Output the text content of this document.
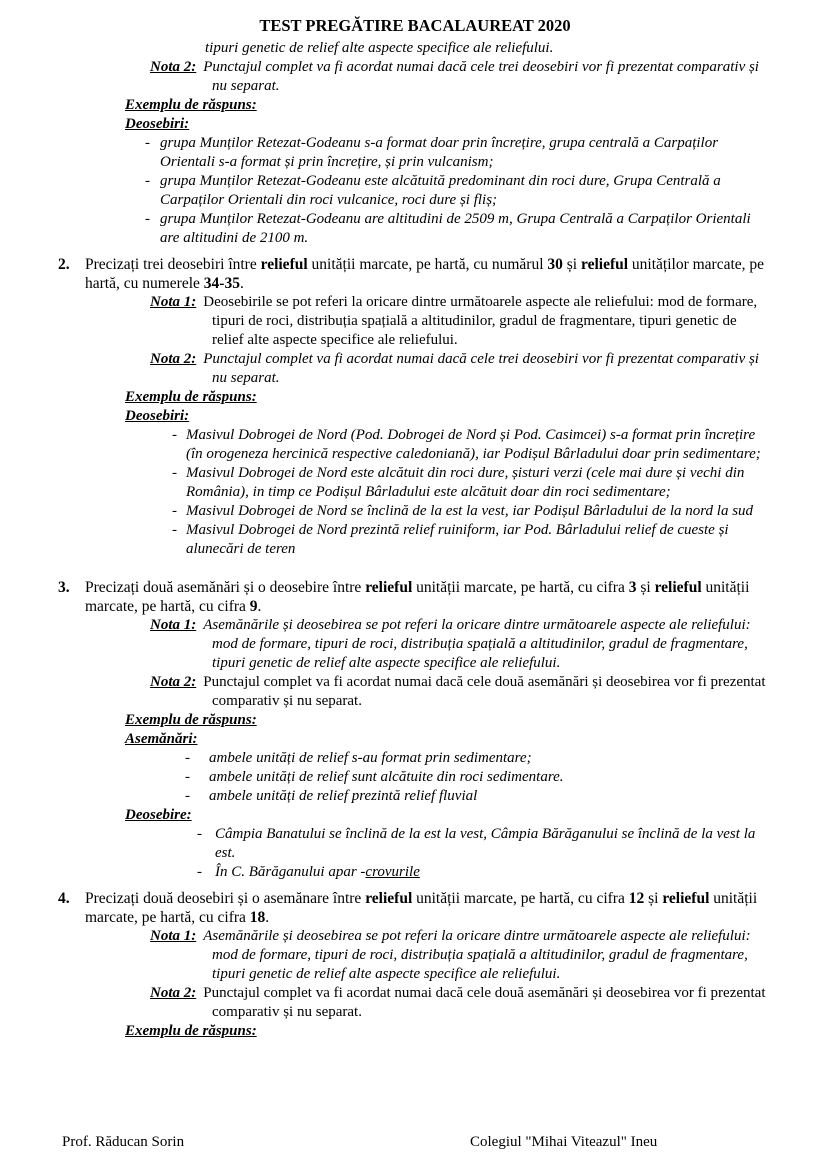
TEST PREGĂTIRE BACALAUREAT 2020
tipuri genetic de relief alte aspecte specifice ale reliefului.
Nota 2: Punctajul complet va fi acordat numai dacă cele trei deosebiri vor fi prezentat comparativ și nu separat.
Exemplu de răspuns:
Deosebiri:
- grupa Munților Retezat-Godeanu s-a format doar prin încrețire, grupa centrală a Carpaților Orientali s-a format și prin încrețire, și prin vulcanism;
- grupa Munților Retezat-Godeanu este alcătuită predominant din roci dure, Grupa Centrală a Carpaților Orientali din roci vulcanice, roci dure și fliș;
- grupa Munților Retezat-Godeanu are altitudini de 2509 m, Grupa Centrală a Carpaților Orientali are altitudini de 2100 m.

2. Precizați trei deosebiri între relieful unității marcate, pe hartă, cu numărul 30 și relieful unităților marcate, pe hartă, cu numerele 34-35.

Nota 1: Deosebirile se pot referi la oricare dintre următoarele aspecte ale reliefului: mod de formare, tipuri de roci, distribuția spațială a altitudinilor, gradul de fragmentare, tipuri genetic de relief alte aspecte specifice ale reliefului.
Nota 2: Punctajul complet va fi acordat numai dacă cele trei deosebiri vor fi prezentat comparativ și nu separat.
Exemplu de răspuns:
Deosebiri:
- Masivul Dobrogei de Nord (Pod. Dobrogei de Nord și Pod. Casimcei) s-a format prin încrețire (în orogeneza hercinică respective caledoniană), iar Podișul Bârladului doar prin sedimentare;
- Masivul Dobrogei de Nord este alcătuit din roci dure, șisturi verzi (cele mai dure și vechi din România), in timp ce Podișul Bârladului este alcătuit doar din roci sedimentare;
- Masivul Dobrogei de Nord se înclină de la est la vest, iar Podișul Bârladului de la nord la sud
- Masivul Dobrogei de Nord prezintă relief ruiniform, iar Pod. Bârladului relief de cueste și alunecări de teren

3. Precizați două asemănări și o deosebire între relieful unității marcate, pe hartă, cu cifra 3 și relieful unității marcate, pe hartă, cu cifra 9.

Nota 1: Asemănările și deosebirea se pot referi la oricare dintre următoarele aspecte ale reliefului: mod de formare, tipuri de roci, distribuția spațială a altitudinilor, gradul de fragmentare, tipuri genetic de relief alte aspecte specifice ale reliefului.
Nota 2: Punctajul complet va fi acordat numai dacă cele două asemănări și deosebirea vor fi prezentat comparativ și nu separat.
Exemplu de răspuns:
Asemănări:
-	ambele unități de relief s-au format prin sedimentare;
-	ambele unități de relief sunt alcătuite din roci sedimentare.
-	ambele unități de relief prezintă relief fluvial
Deosebire:
- Câmpia Banatului se înclină de la est la vest, Câmpia Bărăganului se înclină de la vest la est.
- În C. Bărăganului apar -crovurile

4. Precizați două deosebiri și o asemănare între relieful unității marcate, pe hartă, cu cifra 12 și relieful unității marcate, pe hartă, cu cifra 18.

Nota 1: Asemănările și deosebirea se pot referi la oricare dintre următoarele aspecte ale reliefului: mod de formare, tipuri de roci, distribuția spațială a altitudinilor, gradul de fragmentare, tipuri genetic de relief alte aspecte specifice ale reliefului.
Nota 2: Punctajul complet va fi acordat numai dacă cele două asemănări și deosebirea vor fi prezentat comparativ și nu separat.
Exemplu de răspuns:
Prof. Răducan Sorin	Colegiul "Mihai Viteazul" Ineu
